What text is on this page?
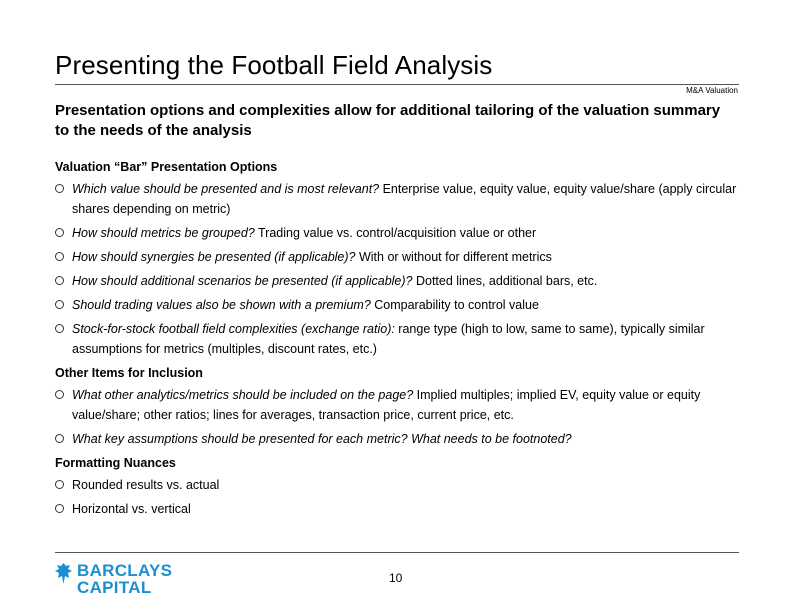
Presenting the Football Field Analysis
M&A Valuation
Presentation options and complexities allow for additional tailoring of the valuation summary to the needs of the analysis
Valuation “Bar” Presentation Options
Which value should be presented and is most relevant? Enterprise value, equity value, equity value/share (apply circular shares depending on metric)
How should metrics be grouped? Trading value vs. control/acquisition value or other
How should synergies be presented (if applicable)? With or without for different metrics
How should additional scenarios be presented (if applicable)? Dotted lines, additional bars, etc.
Should trading values also be shown with a premium? Comparability to control value
Stock-for-stock football field complexities (exchange ratio): range type (high to low, same to same), typically similar assumptions for metrics (multiples, discount rates, etc.)
Other Items for Inclusion
What other analytics/metrics should be included on the page? Implied multiples; implied EV, equity value or equity value/share; other ratios; lines for averages, transaction price, current price, etc.
What key assumptions should be presented for each metric? What needs to be footnoted?
Formatting Nuances
Rounded results vs. actual
Horizontal vs. vertical
BARCLAYS
CAPITAL	10
